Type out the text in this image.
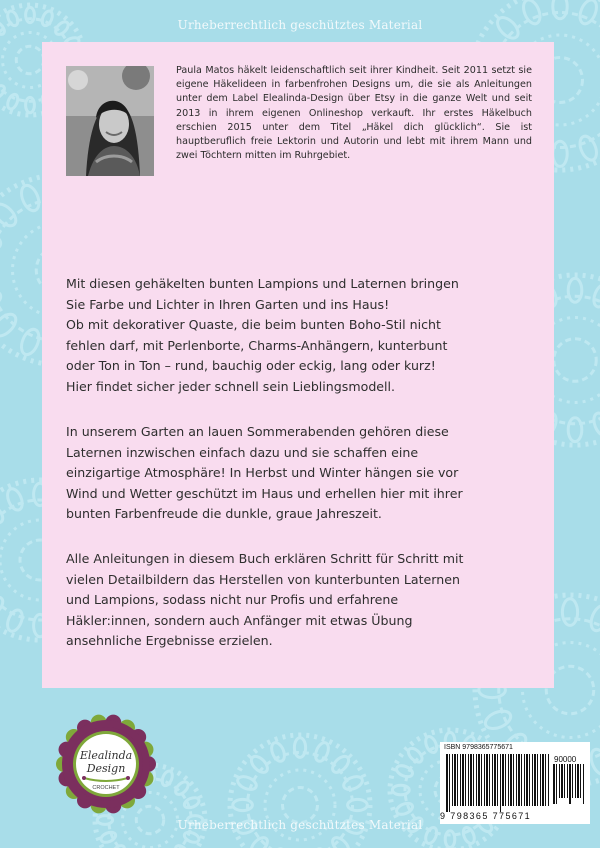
Urheberrechtlich geschütztes Material

Paula Matos häkelt leidenschaftlich seit ihrer Kindheit. Seit 2011 setzt sie eigene Häkelideen in farbenfrohen Designs um, die sie als Anleitungen unter dem Label Elealinda-Design über Etsy in die ganze Welt und seit 2013 in ihrem eigenen Onlineshop verkauft. Ihr erstes Häkelbuch erschien 2015 unter dem Titel „Häkel dich glücklich“. Sie ist hauptberuflich freie Lektorin und Autorin und lebt mit ihrem Mann und zwei Töchtern mitten im Ruhrgebiet.

Mit diesen gehäkelten bunten Lampions und Laternen bringen
Sie Farbe und Lichter in Ihren Garten und ins Haus!
Ob mit dekorativer Quaste, die beim bunten Boho-Stil nicht
fehlen darf, mit Perlenborte, Charms-Anhängern, kunterbunt
oder Ton in Ton – rund, bauchig oder eckig, lang oder kurz!
Hier findet sicher jeder schnell sein Lieblingsmodell.
In unserem Garten an lauen Sommerabenden gehören diese
Laternen inzwischen einfach dazu und sie schaffen eine
einzigartige Atmosphäre! In Herbst und Winter hängen sie vor
Wind und Wetter geschützt im Haus und erhellen hier mit ihrer
bunten Farbenfreude die dunkle, graue Jahreszeit.
Alle Anleitungen in diesem Buch erklären Schritt für Schritt mit
vielen Detailbildern das Herstellen von kunterbunten Laternen
und Lampions, sodass nicht nur Profis und erfahrene
Häkler:innen, sondern auch Anfänger mit etwas Übung
ansehnliche Ergebnisse erzielen.
Elealinda
Design
CROCHET
ISBN 9798365775671
90000
9 798365 775671
Urheberrechtlich geschütztes Material
